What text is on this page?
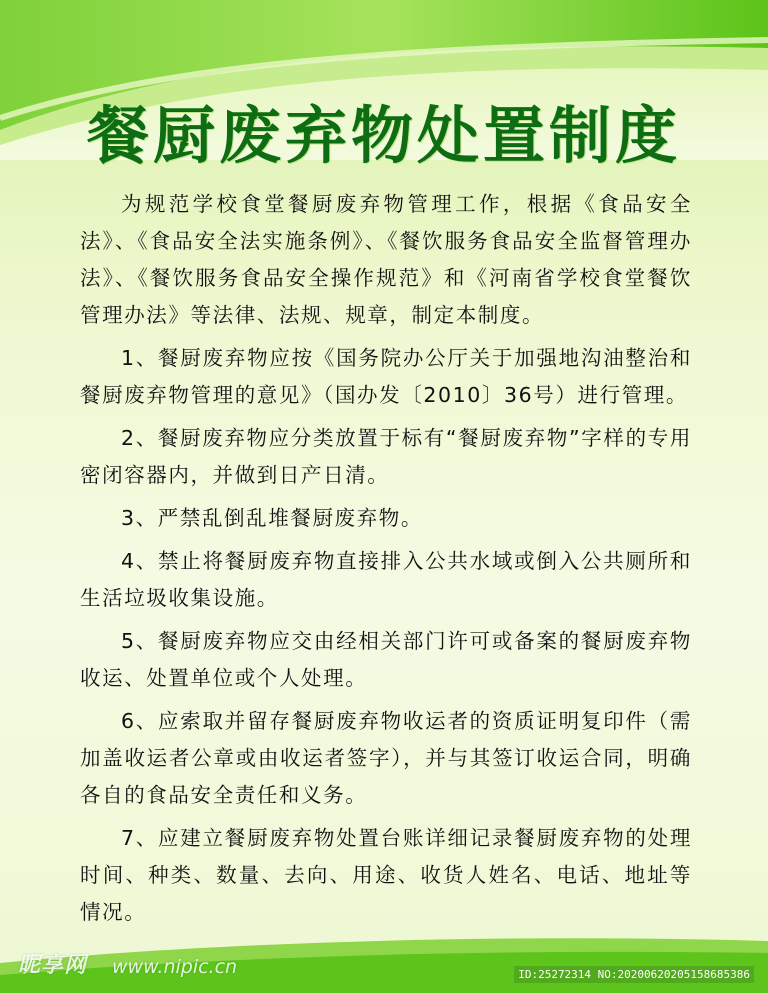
餐厨废弃物处置制度

为规范学校食堂餐厨废弃物管理工作，根据《食品安全法》、《食品安全法实施条例》、《餐饮服务食品安全监督管理办法》、《餐饮服务食品安全操作规范》和《河南省学校食堂餐饮管理办法》等法律、法规、规章，制定本制度。

1、餐厨废弃物应按《国务院办公厅关于加强地沟油整治和餐厨废弃物管理的意见》（国办发〔2010〕36号）进行管理。

2、餐厨废弃物应分类放置于标有“餐厨废弃物”字样的专用密闭容器内，并做到日产日清。

3、严禁乱倒乱堆餐厨废弃物。

4、禁止将餐厨废弃物直接排入公共水域或倒入公共厕所和生活垃圾收集设施。

5、餐厨废弃物应交由经相关部门许可或备案的餐厨废弃物收运、处置单位或个人处理。

6、应索取并留存餐厨废弃物收运者的资质证明复印件（需加盖收运者公章或由收运者签字），并与其签订收运合同，明确各自的食品安全责任和义务。

7、应建立餐厨废弃物处置台账详细记录餐厨废弃物的处理时间、种类、数量、去向、用途、收货人姓名、电话、地址等情况。

昵享网 www.nipic.cn	ID:25272314 NO:20200620205158685386
